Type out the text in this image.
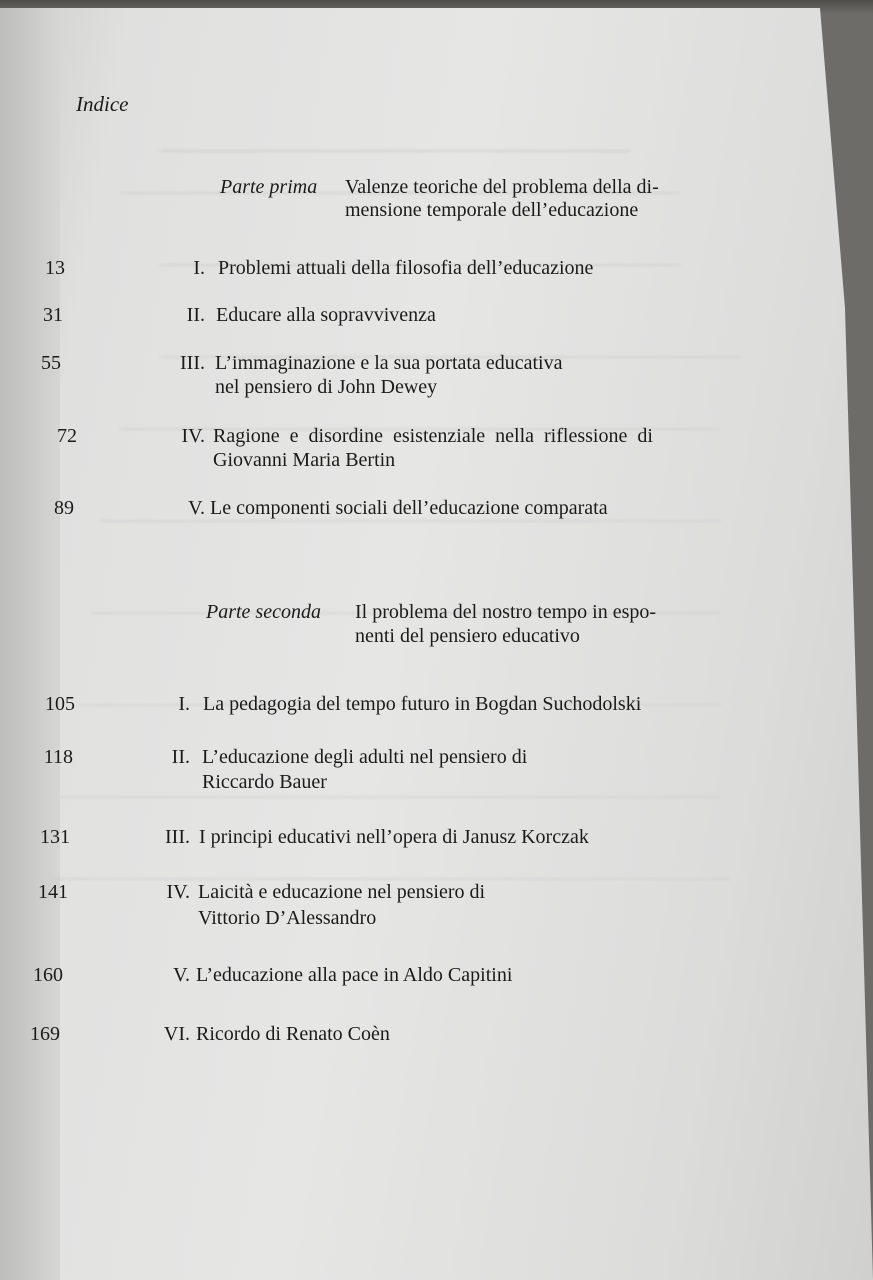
Indice
Parte prima Valenze teoriche del problema della di-
mensione temporale dell’educazione
13	I. Problemi attuali della filosofia dell’educazione
31	II. Educare alla sopravvivenza
55	III. L’immaginazione e la sua portata educativa
nel pensiero di John Dewey
72	IV. Ragione e disordine esistenziale nella riflessione di
Giovanni Maria Bertin
89	V. Le componenti sociali dell’educazione comparata
Parte seconda Il problema del nostro tempo in espo-
nenti del pensiero educativo
105	I. La pedagogia del tempo futuro in Bogdan Suchodolski
118	II. L’educazione degli adulti nel pensiero di
Riccardo Bauer
131	III. I principi educativi nell’opera di Janusz Korczak
141	IV. Laicità e educazione nel pensiero di
Vittorio D’Alessandro
160	V. L’educazione alla pace in Aldo Capitini
169	VI. Ricordo di Renato Coèn
